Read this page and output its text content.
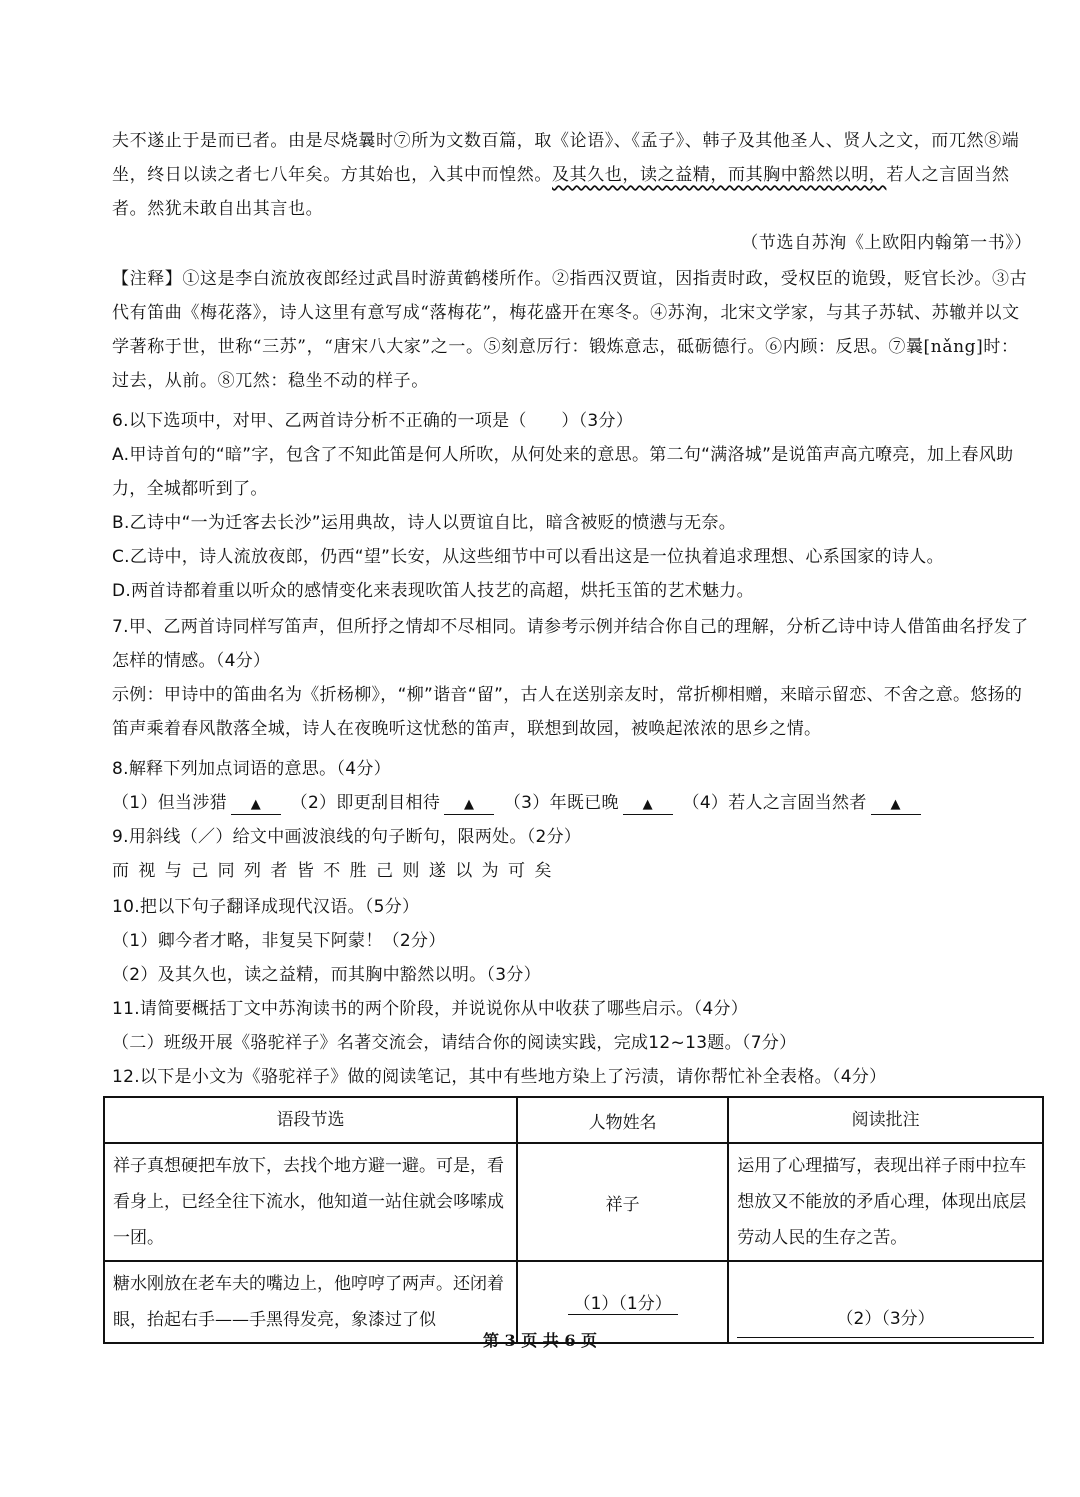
夫不遂止于是而已者。由是尽烧曩时⑦所为文数百篇，取《论语》、《孟子》、韩子及其他圣人、贤人之文，而兀然⑧端坐，终日以读之者七八年矣。方其始也，入其中而惶然。及其久也，读之益精，而其胸中豁然以明，若人之言固当然者。然犹未敢自出其言也。
（节选自苏洵《上欧阳内翰第一书》）
【注释】①这是李白流放夜郎经过武昌时游黄鹤楼所作。②指西汉贾谊，因指责时政，受权臣的诡毁，贬官长沙。③古代有笛曲《梅花落》，诗人这里有意写成“落梅花”，梅花盛开在寒冬。④苏洵，北宋文学家，与其子苏轼、苏辙并以文学著称于世，世称“三苏”，“唐宋八大家”之一。⑤刻意厉行：锻炼意志，砥砺德行。⑥内顾：反思。⑦曩[nǎng]时：过去，从前。⑧兀然：稳坐不动的样子。
6.以下选项中，对甲、乙两首诗分析不正确的一项是（　　）（3分）
A.甲诗首句的“暗”字，包含了不知此笛是何人所吹，从何处来的意思。第二句“满洛城”是说笛声高亢嘹亮，加上春风助力，全城都听到了。
B.乙诗中“一为迁客去长沙”运用典故，诗人以贾谊自比，暗含被贬的愤懑与无奈。
C.乙诗中，诗人流放夜郎，仍西“望”长安，从这些细节中可以看出这是一位执着追求理想、心系国家的诗人。
D.两首诗都着重以听众的感情变化来表现吹笛人技艺的高超，烘托玉笛的艺术魅力。
7.甲、乙两首诗同样写笛声，但所抒之情却不尽相同。请参考示例并结合你自己的理解，分析乙诗中诗人借笛曲名抒发了怎样的情感。（4分）
示例：甲诗中的笛曲名为《折杨柳》，“柳”谐音“留”，古人在送别亲友时，常折柳相赠，来暗示留恋、不舍之意。悠扬的笛声乘着春风散落全城，诗人在夜晚听这忧愁的笛声，联想到故园，被唤起浓浓的思乡之情。
8.解释下列加点词语的意思。（4分）
（1）但当涉猎 ▲ （2）即更刮目相待 ▲ （3）年既已晚 ▲ （4）若人之言固当然者 ▲
9.用斜线（／）给文中画波浪线的句子断句，限两处。（2分）
而 视 与 己 同 列 者 皆 不 胜 己 则 遂 以 为 可 矣
10.把以下句子翻译成现代汉语。（5分）
（1）卿今者才略，非复吴下阿蒙！（2分）
（2）及其久也，读之益精，而其胸中豁然以明。（3分）
11.请简要概括丁文中苏洵读书的两个阶段，并说说你从中收获了哪些启示。（4分）
（二）班级开展《骆驼祥子》名著交流会，请结合你的阅读实践，完成12~13题。（7分）
12.以下是小文为《骆驼祥子》做的阅读笔记，其中有些地方染上了污渍，请你帮忙补全表格。（4分）
语段节选	人物姓名	阅读批注
祥子真想硬把车放下，去找个地方避一避。可是，看看身上，已经全往下流水，他知道一站住就会哆嗦成一团。	祥子	运用了心理描写，表现出祥子雨中拉车想放又不能放的矛盾心理，体现出底层劳动人民的生存之苦。
糖水刚放在老车夫的嘴边上，他哼哼了两声。还闭着眼，抬起右手——手黑得发亮，象漆过了似	（1）（1分）	（2）（3分）
第 3 页 共 6 页
